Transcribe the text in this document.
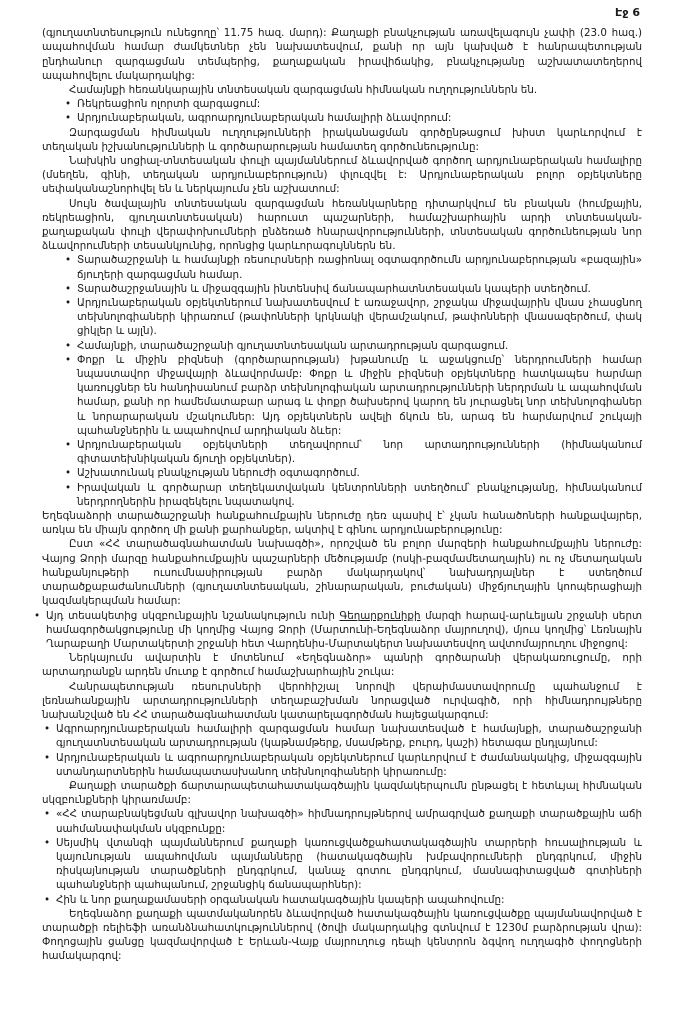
Էջ 6

(գյուղատնտեսություն ունեցողը՝ 11.75 հազ. մարդ): Քաղաքի բնակչության առավելագույն չափի (23.0 հազ.) ապահովման համար ժամկետներ չեն նախատեսվում, քանի որ այն կախված է հանրապետության ընդհանուր զարգացման տեմպերից, քաղաքական իրավիճակից, բնակչությանը աշխատատեղերով ապահովելու մակարդակից:

Համայնքի հեռանկարային տնտեսական զարգացման հիմնական ուղղություններն են.

• Ռեկրեացիոն ոլորտի զարգացում:
• Արդյունաբերական, ագրոարդյունաբերական համալիրի ձևավորում:

Զարգացման հիմնական ուղղությունների իրականացման գործընթացում խիստ կարևորվում է տեղական իշխանությունների և գործարարության համատեղ գործունեությունը:

Նախկին սոցիալ-տնտեսական փուլի պայմաններում ձևավորված գործող արդյունաբերական համալիրը (մսեղեն, գինի, տեղական արդյունաբերություն) փլուզվել է: Արդյունաբերական բոլոր օբյեկտները սեփականաշնորհվել են և ներկայումս չեն աշխատում:

Սույն ծավալային տնտեսական զարգացման հեռանկարները դիտարկվում են բնական (հումքային, ռեկրեացիոն, գյուղատնտեսական) հարուստ պաշարների, համաշխարհային արդի տնտեսական-քաղաքական փուլի վերափոխումների ընձեռած հնարավորությունների, տնտեսական գործունեության նոր ձևավորումների տեսանկյունից, որոնցից կարևորագույններն են.

• Տարածաշրջանի և համայնքի ռեսուրսների ռացիոնալ օգտագործումն արդյունաբերության «բազային» ճյուղերի զարգացման համար.
• Տարածաշրջանային և միջազգային ինտենսիվ ճանապարհատնտեսական կապերի ստեղծում.
• Արդյունաբերական օբյեկտներում նախատեսվում է առաջավոր, շրջակա միջավայրին վնաս չհասցնող տեխնոլոգիաների կիրառում (թափոնների կրկնակի վերամշակում, թափոնների վնասազերծում, փակ ցիկլեր և այլն).
• Համայնքի, տարածաշրջանի գյուղատնտեսական արտադրության զարգացում.
• Փոքր և միջին բիզնեսի (գործարարության) խթանումը և աջակցումը՝ ներդրումների համար նպաստավոր միջավայրի ձևավորմամբ: Փոքր և միջին բիզնեսի օբյեկտները հատկապես հարմար կառույցներ են հանդիսանում բարձր տեխնոլոգիական արտադրությունների ներդրման և ապահովման համար, քանի որ համեմատաբար արագ և փոքր ծախսերով կարող են յուրացնել նոր տեխնոլոգիաներ և նորարարական մշակումներ: Այդ օբյեկտներն ավելի ճկուն են, արագ են հարմարվում շուկայի պահանջներին և ապահովում արդիական ձևեր:
• Արդյունաբերական օբյեկտների տեղավորում՝ նոր արտադրությունների (հիմնականում գիտատեխնիկական ճյուղի օբյեկտներ).
• Աշխատունակ բնակչության ներուժի օգտագործում.
• Իրավական և գործարար տեղեկատվական կենտրոնների ստեղծում՝ բնակչությանը, հիմնականում ներդրողներին իրազեկելու նպատակով.

Եղեգնաձորի տարածաշրջանի հանքահումքային ներուժը դեռ պասիվ է՝ չկան հանածոների հանքավայրեր, առկա են միայն գործող մի քանի քարհանքեր, ակտիվ է գինու արդյունաբերությունը:

Ըստ «ՀՀ տարածագնահատման նախագծի», որոշված են բոլոր մարզերի հանքահումքային ներուժը: Վայոց Ձորի մարզը հանքահումքային պաշարների մեծությամբ (ոսկի-բազմամետաղային) ու ոչ մետաղական հանքանյութերի ուսումնասիրության բարձր մակարդակով՝ նախադրյալներ է ստեղծում տարածքաբաժանումների (գյուղատնտեսական, շինարարական, բուժական) միջճյուղային կոոպերացիայի կազմակերպման համար:

• Այդ տեսակետից սկզբունքային նշանակություն ունի Գեղարքունիքի մարզի հարավ-արևելյան շրջանի սերտ համագործակցությունը մի կողմից Վայոց Ձորի (Մարտունի-Եղեգնաձոր մայրուղով), մյուս կողմից՝ Լեռնային Ղարաբաղի Մարտակերտի շրջանի հետ Վարդենիս-Մարտակերտ նախատեսվող ավտոմայրուղու միջոցով:

Ներկայումս ավարտին է մոտենում «Եղեգնաձոր» պանրի գործարանի վերակառուցումը, որի արտադրանքն արդեն մուտք է գործում համաշխարհային շուկա:

Հանրապետության ռեսուրսների վերոհիշյալ նորովի վերաիմաստավորումը պահանջում է լեռնահանքային արտադրությունների տեղաբաշխման նորացված ուրվագիծ, որի հիմնադրույթները նախանշված են ՀՀ տարածագնահատման կատարելագործման հայեցակարգում:

• Ագրոարդյունաբերական համալիրի զարգացման համար նախատեսված է համայնքի, տարածաշրջանի գյուղատնտեսական արտադրության (կաթնամթերք, մսամթերք, բուրդ, կաշի) հետագա ընդլայնում:
• Արդյունաբերական և ագրոարդյունաբերական օբյեկտներում կարևորվում է ժամանակակից, միջազգային ստանդարտներին համապատասխանող տեխնոլոգիաների կիրառումը:

Քաղաքի տարածքի ճարտարապետահատակագծային կազմակերպումն ընթացել է հետևյալ հիմնական սկզբունքների կիրառմամբ:

• «ՀՀ տարաբնակեցման գլխավոր նախագծի» հիմնադրույթներով ամրագրված քաղաքի տարածքային աճի սահմանափակման սկզբունքը:
• Սեյսմիկ վտանգի պայմաններում քաղաքի կառուցվածքահատակագծային տարրերի հուսալիության և կայունության ապահովման պայմանները (հատակագծային խմբավորումների ընդգրկում, միջին ռիսկայնության տարածքների ընդգրկում, կանաչ գոտու ընդգրկում, մասնագիտացված գոտիների պահանջների պահպանում, շրջանցիկ ճանապարհներ):
• Հին և նոր քաղաքամասերի օրգանական հատակագծային կապերի ապահովումը:

Եղեգնաձոր քաղաքի պատմականորեն ձևավորված հատակագծային կառուցվածքը պայմանավորված է տարածքի ռելիեֆի առանձնահատկություններով (ծովի մակարդակից գտնվում է 1230մ բարձրության վրա): Փողոցային ցանցը կազմավորված է Երևան-Վայք մայրուղուց դեպի կենտրոն ձգվող ուղղագիծ փողոցների համակարգով:
